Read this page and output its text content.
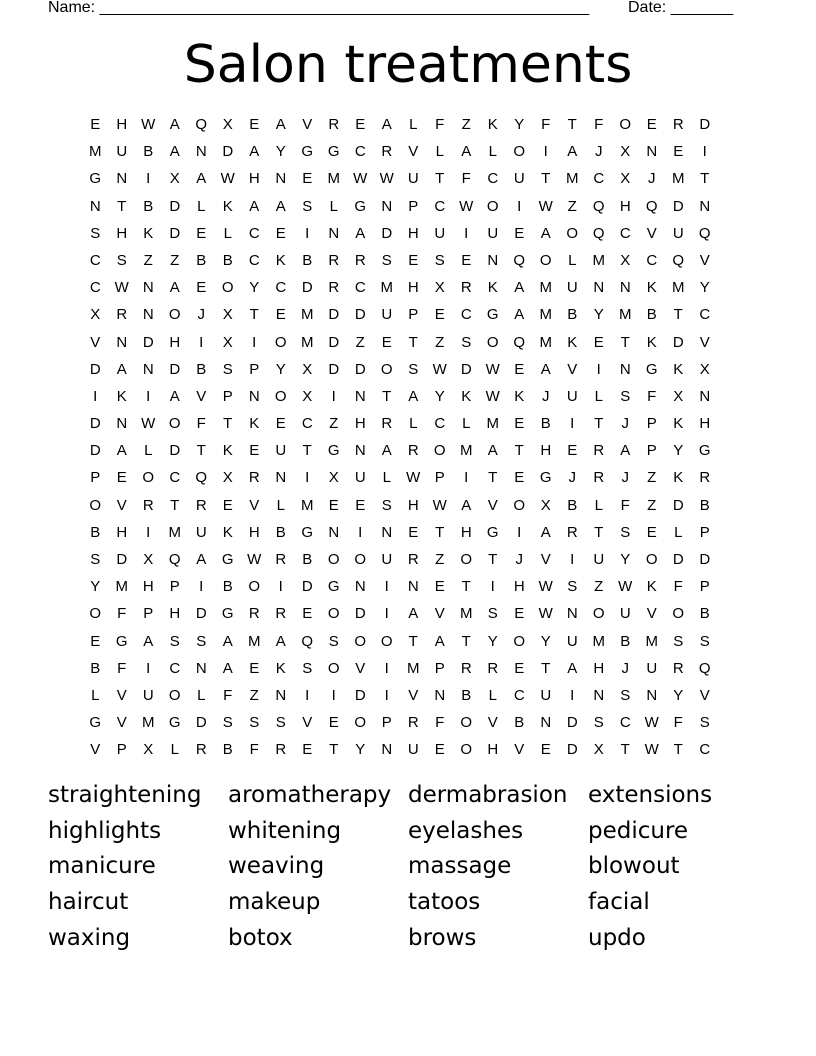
Name: _______________________________________________________ Date: _______
Salon treatments
E	H W A	Q	X	E	A	V	R	E	A	L	F	Z	K	Y	F	T	F	O	E	R	D
M U	B	A	N	D	A	Y	G G	C	R	V	L	A	L	O	I	A	J	X	N	E	I
G	N	I	X	A W H	N	E	M W W U	T	F	C	U	T	M C	X	J	M	T
N	T	B	D	L	K	A	A	S	L	G	N	P	C W O	I	W Z	Q	H	Q	D	N
S	H	K	D	E	L	C	E	I	N	A	D	H	U	I	U	E	A	O Q	C	V	U	Q
C	S	Z	Z	B	B	C	K	B	R	R	S	E	S	E	N	Q O	L	M	X	C	Q	V
C W N	A	E	O	Y	C	D	R	C M H	X	R	K	A	M U	N	N	K	M	Y
X	R	N	O	J	X	T	E	M D	D	U	P	E	C	G	A	M	B	Y	M	B	T	C
V	N	D	H	I	X	I	O M D	Z	E	T	Z	S	O Q M	K	E	T	K	D	V
D	A	N	D	B	S	P	Y	X	D	D	O	S W D W E	A	V	I	N	G	K	X
I	K	I	A	V	P	N	O	X	I	N	T	A	Y	K W K	J	U	L	S	F	X	N
D	N W O	F	T	K	E	C	Z	H	R	L	C	L	M	E	B	I	T	J	P	K	H
D	A	L	D	T	K	E	U	T	G	N	A	R	O M	A	T	H	E	R	A	P	Y	G
P	E	O	C	Q	X	R	N	I	X	U	L	W P	I	T	E	G	J	R	J	Z	K	R
O	V	R	T	R	E	V	L	M	E	E	S	H W A	V	O	X	B	L	F	Z	D	B
B	H	I	M U	K	H	B	G	N	I	N	E	T	H	G	I	A	R	T	S	E	L	P
S	D	X	Q	A	G W R	B	O O	U	R	Z	O	T	J	V	I	U	Y	O	D	D
Y	M H	P	I	B	O	I	D	G	N	I	N	E	T	I	H W S	Z W K	F	P
O	F	P	H	D	G	R	R	E	O	D	I	A	V	M	S	E W N	O	U	V	O	B
E	G	A	S	S	A	M	A	Q	S	O O	T	A	T	Y	O	Y	U M	B	M	S	S
B	F	I	C	N	A	E	K	S	O	V	I	M	P	R	R	E	T	A	H	J	U	R	Q
L	V	U	O	L	F	Z	N	I	I	D	I	V	N	B	L	C	U	I	N	S	N	Y	V
G	V	M G	D	S	S	S	V	E	O	P	R	F	O	V	B	N	D	S	C W F	S
V	P	X	L	R	B	F	R	E	T	Y	N	U	E	O	H	V	E	D	X	T W T	C
straightening	aromatherapy dermabrasion extensions
highlights	whitening	eyelashes	pedicure
manicure	weaving	massage	blowout
haircut	makeup	tatoos	facial
waxing	botox	brows	updo
